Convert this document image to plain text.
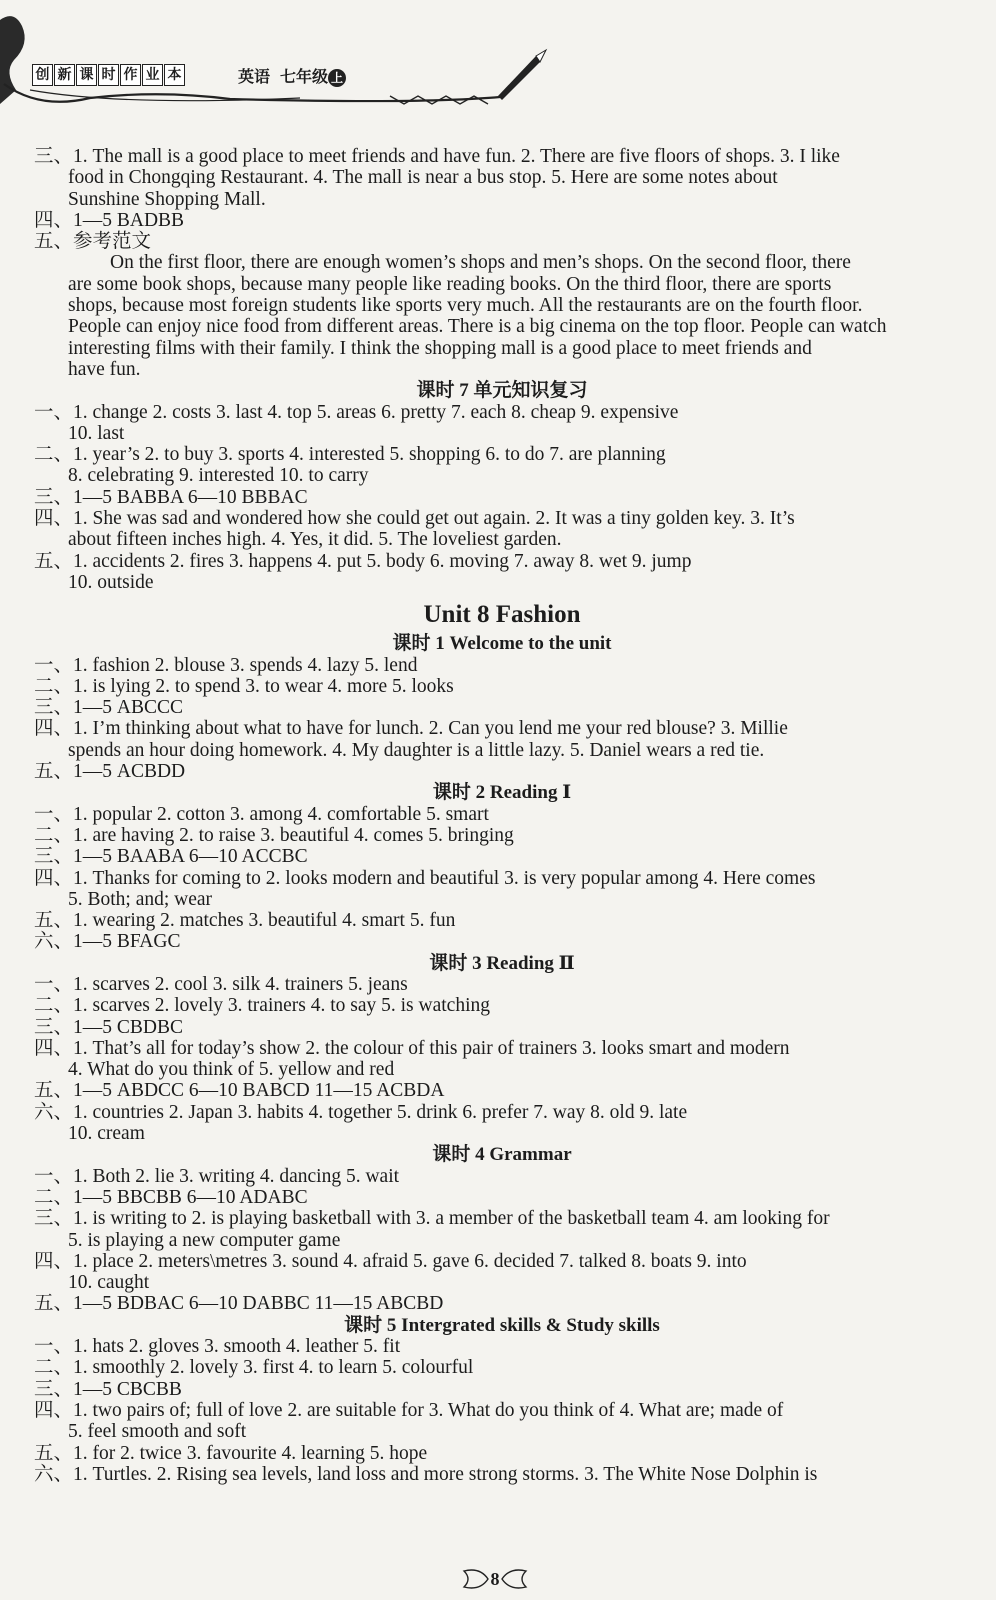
创 新 课 时 作 业 本	英语 七年级 上
三、1. The mall is a good place to meet friends and have fun. 2. There are five floors of shops. 3. I like
food in Chongqing Restaurant. 4. The mall is near a bus stop. 5. Here are some notes about
Sunshine Shopping Mall.
四、1—5 BADBB
五、参考范文
On the first floor, there are enough women’s shops and men’s shops. On the second floor, there
are some book shops, because many people like reading books. On the third floor, there are sports
shops, because most foreign students like sports very much. All the restaurants are on the fourth floor.
People can enjoy nice food from different areas. There is a big cinema on the top floor. People can watch
interesting films with their family. I think the shopping mall is a good place to meet friends and
have fun.
课时 7 单元知识复习
一、1. change 2. costs 3. last 4. top 5. areas 6. pretty 7. each 8. cheap 9. expensive
10. last
二、1. year’s 2. to buy 3. sports 4. interested 5. shopping 6. to do 7. are planning
8. celebrating 9. interested 10. to carry
三、1—5 BABBA 6—10 BBBAC
四、1. She was sad and wondered how she could get out again. 2. It was a tiny golden key. 3. It’s
about fifteen inches high. 4. Yes, it did. 5. The loveliest garden.
五、1. accidents 2. fires 3. happens 4. put 5. body 6. moving 7. away 8. wet 9. jump
10. outside
Unit 8 Fashion
课时 1 Welcome to the unit
一、1. fashion 2. blouse 3. spends 4. lazy 5. lend
二、1. is lying 2. to spend 3. to wear 4. more 5. looks
三、1—5 ABCCC
四、1. I’m thinking about what to have for lunch. 2. Can you lend me your red blouse? 3. Millie
spends an hour doing homework. 4. My daughter is a little lazy. 5. Daniel wears a red tie.
五、1—5 ACBDD
课时 2 Reading Ⅰ
一、1. popular 2. cotton 3. among 4. comfortable 5. smart
二、1. are having 2. to raise 3. beautiful 4. comes 5. bringing
三、1—5 BAABA 6—10 ACCBC
四、1. Thanks for coming to 2. looks modern and beautiful 3. is very popular among 4. Here comes
5. Both; and; wear
五、1. wearing 2. matches 3. beautiful 4. smart 5. fun
六、1—5 BFAGC
课时 3 Reading Ⅱ
一、1. scarves 2. cool 3. silk 4. trainers 5. jeans
二、1. scarves 2. lovely 3. trainers 4. to say 5. is watching
三、1—5 CBDBC
四、1. That’s all for today’s show 2. the colour of this pair of trainers 3. looks smart and modern
4. What do you think of 5. yellow and red
五、1—5 ABDCC 6—10 BABCD 11—15 ACBDA
六、1. countries 2. Japan 3. habits 4. together 5. drink 6. prefer 7. way 8. old 9. late
10. cream
课时 4 Grammar
一、1. Both 2. lie 3. writing 4. dancing 5. wait
二、1—5 BBCBB 6—10 ADABC
三、1. is writing to 2. is playing basketball with 3. a member of the basketball team 4. am looking for
5. is playing a new computer game
四、1. place 2. meters\metres 3. sound 4. afraid 5. gave 6. decided 7. talked 8. boats 9. into
10. caught
五、1—5 BDBAC 6—10 DABBC 11—15 ABCBD
课时 5 Intergrated skills & Study skills
一、1. hats 2. gloves 3. smooth 4. leather 5. fit
二、1. smoothly 2. lovely 3. first 4. to learn 5. colourful
三、1—5 CBCBB
四、1. two pairs of; full of love 2. are suitable for 3. What do you think of 4. What are; made of
5. feel smooth and soft
五、1. for 2. twice 3. favourite 4. learning 5. hope
六、1. Turtles. 2. Rising sea levels, land loss and more strong storms. 3. The White Nose Dolphin is
8
